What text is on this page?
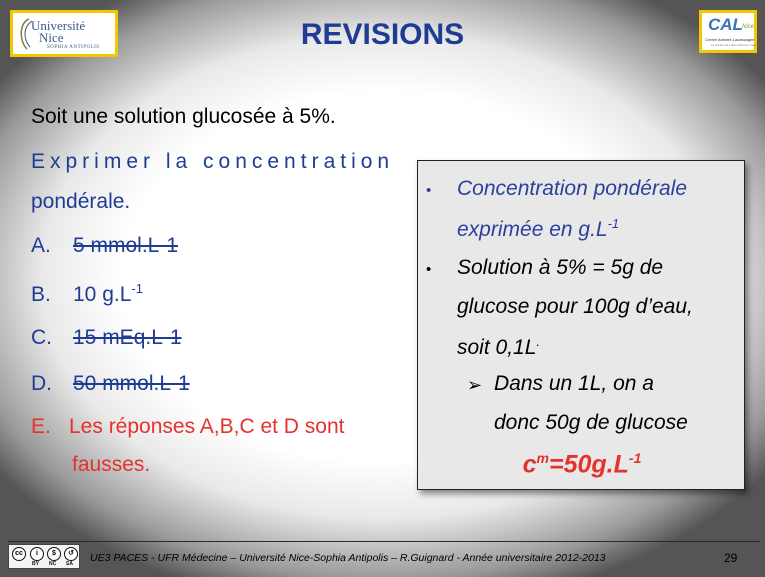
Université
Nice
SOPHIA ANTIPOLIS
CAL Nice
Centre Antoine-Lacassagne
Le Centre de Lutte Contre le Cancer
REVISIONS
Soit une solution glucosée à 5%.
Exprimer la concentration
pondérale.
A. 5 mmol.L-1
B. 10 $g.L^{-1}$
C. 15 mEq.L-1
D. 50 mmol.L-1
E. Les réponses A,B,C et D sont
fausses.
• Concentration pondérale
exprimée en $g.L^{-1}$
• Solution à 5% = 5g de
glucose pour 100g d’eau,
soit 0,1L.
➢ Dans un 1L, on a
donc 50g de glucose
$c^m=50g.L^{-1}$
cc	i	$	↺
BY NC SA UE3 PACES - UFR Médecine – Université Nice-Sophia Antipolis – R.Guignard - Année universitaire 2012-2013	29
